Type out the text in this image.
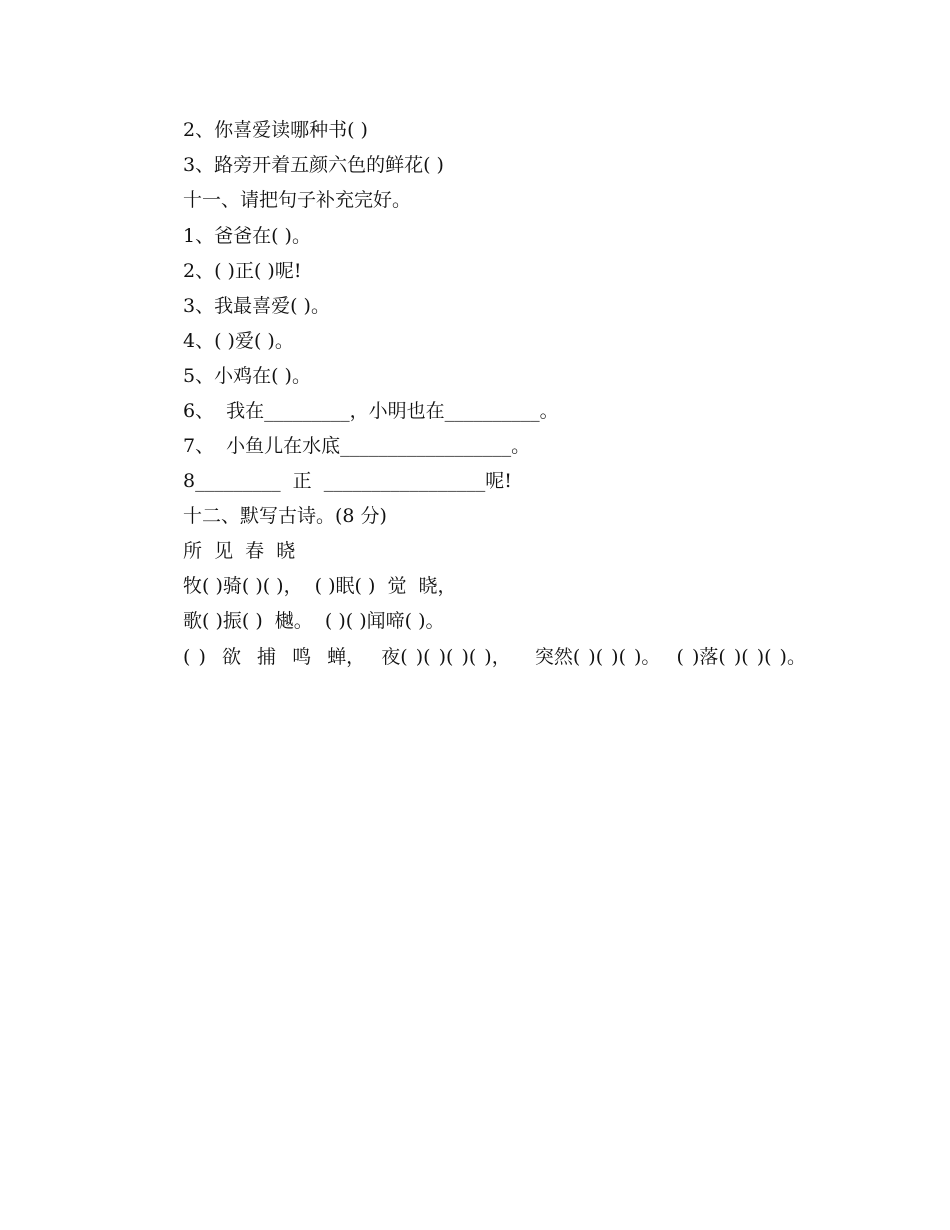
2、你喜爱读哪种书( )
3、路旁开着五颜六色的鲜花( )
十一、请把句子补充完好。
1、爸爸在( )。
2、( )正( )呢!
3、我最喜爱( )。
4、( )爱( )。
5、小鸡在( )。
6、  我在_________，小明也在__________。
7、  小鱼儿在水底__________________。
8_________  正  _________________呢!
十二、默写古诗。(8 分)
所  见  春  晓
牧( )骑( )( )，  ( )眠( )  觉  晓，
歌( )振( )  樾。  ( )( )闻啼( )。
( )  欲  捕  鸣  蝉，  夜( )( )( )( )，   突然( )( )( )。  ( )落( )( )( )。
